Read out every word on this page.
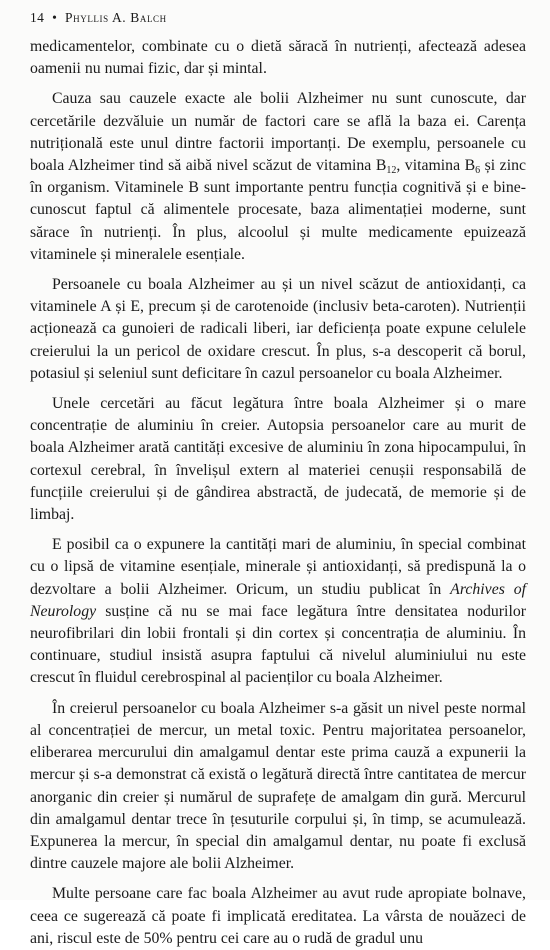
14 • Phyllis A. Balch

medicamentelor, combinate cu o dietă săracă în nutrienți, afectează adesea oamenii nu numai fizic, dar și mintal.

Cauza sau cauzele exacte ale bolii Alzheimer nu sunt cunoscute, dar cercetările dezvăluie un număr de factori care se află la baza ei. Carența nutrițională este unul dintre factorii importanți. De exemplu, persoanele cu boala Alzheimer tind să aibă nivel scăzut de vitamina $B_{12}$, vitamina $B_6$ și zinc în organism. Vitaminele B sunt importante pentru funcția cognitivă și e bine-cunoscut faptul că alimentele procesate, baza alimentației moderne, sunt sărace în nutrienți. În plus, alcoolul și multe medicamente epuizează vitaminele și mineralele esențiale.

Persoanele cu boala Alzheimer au și un nivel scăzut de antioxidanți, ca vitaminele A și E, precum și de carotenoide (inclusiv beta-caroten). Nutrienții acționează ca gunoieri de radicali liberi, iar deficiența poate expune celulele creierului la un pericol de oxidare crescut. În plus, s-a descoperit că borul, potasiul și seleniul sunt deficitare în cazul persoanelor cu boala Alzheimer.

Unele cercetări au făcut legătura între boala Alzheimer și o mare concentrație de aluminiu în creier. Autopsia persoanelor care au murit de boala Alzheimer arată cantități excesive de aluminiu în zona hipocampului, în cortexul cerebral, în învelișul extern al materiei cenușii responsabilă de funcțiile creierului și de gândirea abstractă, de judecată, de memorie și de limbaj.

E posibil ca o expunere la cantități mari de aluminiu, în special combinat cu o lipsă de vitamine esențiale, minerale și antioxidanți, să predispună la o dezvoltare a bolii Alzheimer. Oricum, un studiu publicat în Archives of Neurology susține că nu se mai face legătura între densitatea nodurilor neurofibrilari din lobii frontali și din cortex și concentrația de aluminiu. În continuare, studiul insistă asupra faptului că nivelul aluminiului nu este crescut în fluidul cerebrospinal al pacienților cu boala Alzheimer.

În creierul persoanelor cu boala Alzheimer s-a găsit un nivel peste normal al concentrației de mercur, un metal toxic. Pentru majoritatea persoanelor, eliberarea mercurului din amalgamul dentar este prima cauză a expunerii la mercur și s-a demonstrat că există o legătură directă între cantitatea de mercur anorganic din creier și numărul de suprafețe de amalgam din gură. Mercurul din amalgamul dentar trece în țesuturile corpului și, în timp, se acumulează. Expunerea la mercur, în special din amalgamul dentar, nu poate fi exclusă dintre cauzele majore ale bolii Alzheimer.

Multe persoane care fac boala Alzheimer au avut rude apropiate bolnave, ceea ce sugerează că poate fi implicată ereditatea. La vârsta de nouăzeci de ani, riscul este de 50% pentru cei care au o rudă de gradul unu
